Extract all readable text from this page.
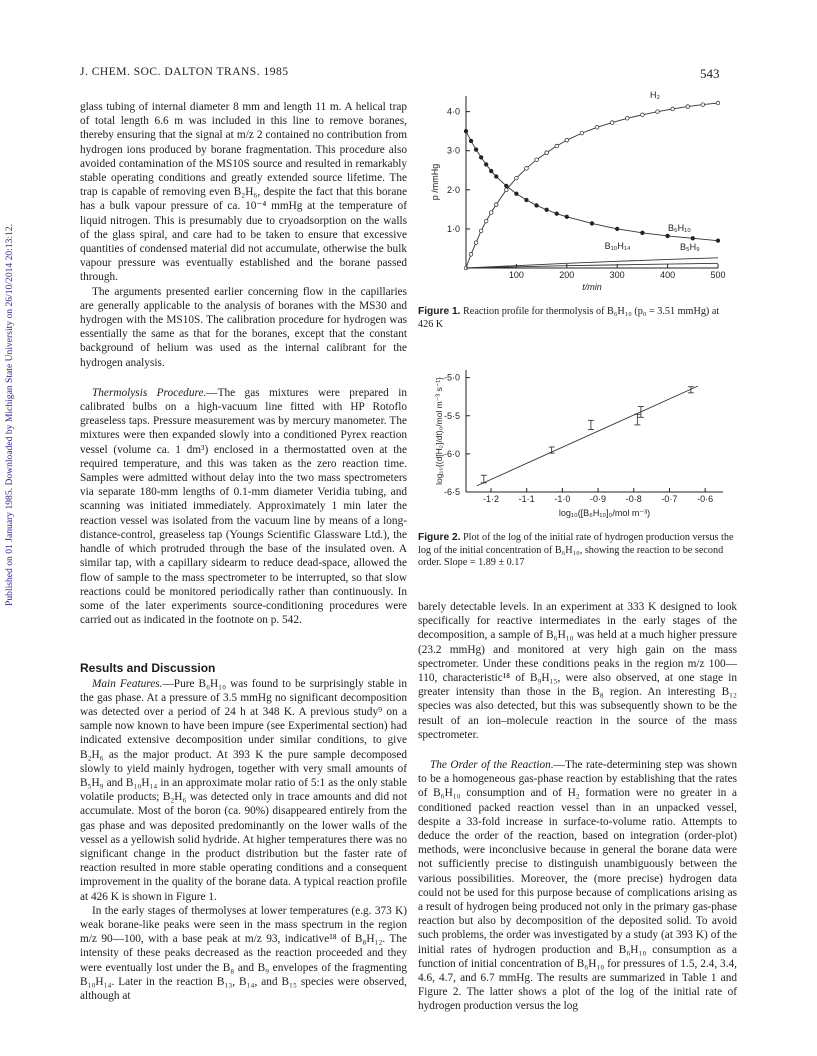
Published on 01 January 1985. Downloaded by Michigan State University on 26/10/2014 20:13:12.
J. CHEM. SOC. DALTON TRANS. 1985	543

glass tubing of internal diameter 8 mm and length 11 m. A helical trap of total length 6.6 m was included in this line to remove boranes, thereby ensuring that the signal at m/z 2 contained no contribution from hydrogen ions produced by borane fragmentation. This procedure also avoided contamination of the MS10S source and resulted in remarkably stable operating conditions and greatly extended source lifetime. The trap is capable of removing even B₂H₆, despite the fact that this borane has a bulk vapour pressure of ca. 10⁻⁴ mmHg at the temperature of liquid nitrogen. This is presumably due to cryoadsorption on the walls of the glass spiral, and care had to be taken to ensure that excessive quantities of condensed material did not accumulate, otherwise the bulk vapour pressure was eventually established and the borane passed through.

The arguments presented earlier concerning flow in the capillaries are generally applicable to the analysis of boranes with the MS30 and hydrogen with the MS10S. The calibration procedure for hydrogen was essentially the same as that for the boranes, except that the constant background of helium was used as the internal calibrant for the hydrogen analysis.

Thermolysis Procedure.—The gas mixtures were prepared in calibrated bulbs on a high-vacuum line fitted with HP Rotoflo greaseless taps. Pressure measurement was by mercury manometer. The mixtures were then expanded slowly into a conditioned Pyrex reaction vessel (volume ca. 1 dm³) enclosed in a thermostatted oven at the required temperature, and this was taken as the zero reaction time. Samples were admitted without delay into the two mass spectrometers via separate 180-mm lengths of 0.1-mm diameter Veridia tubing, and scanning was initiated immediately. Approximately 1 min later the reaction vessel was isolated from the vacuum line by means of a long-distance-control, greaseless tap (Youngs Scientific Glassware Ltd.), the handle of which protruded through the base of the insulated oven. A similar tap, with a capillary sidearm to reduce dead-space, allowed the flow of sample to the mass spectrometer to be interrupted, so that slow reactions could be monitored periodically rather than continuously. In some of the later experiments source-conditioning procedures were carried out as indicated in the footnote on p. 542.

Results and Discussion

Main Features.—Pure B₆H₁₀ was found to be surprisingly stable in the gas phase. At a pressure of 3.5 mmHg no significant decomposition was detected over a period of 24 h at 348 K. A previous study⁹ on a sample now known to have been impure (see Experimental section) had indicated extensive decomposition under similar conditions, to give B₂H₆ as the major product. At 393 K the pure sample decomposed slowly to yield mainly hydrogen, together with very small amounts of B₅H₉ and B₁₀H₁₄ in an approximate molar ratio of 5:1 as the only stable volatile products; B₂H₆ was detected only in trace amounts and did not accumulate. Most of the boron (ca. 90%) disappeared entirely from the gas phase and was deposited predominantly on the lower walls of the vessel as a yellowish solid hydride. At higher temperatures there was no significant change in the product distribution but the faster rate of reaction resulted in more stable operating conditions and a consequent improvement in the quality of the borane data. A typical reaction profile at 426 K is shown in Figure 1.

In the early stages of thermolyses at lower temperatures (e.g. 373 K) weak borane-like peaks were seen in the mass spectrum in the region m/z 90—100, with a base peak at m/z 93, indicative¹⁸ of B₈H₁₂. The intensity of these peaks decreased as the reaction proceeded and they were eventually lost under the B₈ and B₉ envelopes of the fragmenting B₁₀H₁₄. Later in the reaction B₁₃, B₁₄, and B₁₅ species were observed, although at

100	200	300	400	500
1·0
2·0
3·0
4·0
t/min
p /mmHg
H₂
B₆H₁₀
B₁₀H₁₄	B₅H₉
Figure 1. Reaction profile for thermolysis of B₆H₁₀ (p₀ = 3.51 mmHg) at 426 K
-1·2 -1·1 -1·0 -0·9 -0·8 -0·7 -0·6
-5·0
-5·5
-6·0
-6·5
log₁₀([B₆H₁₀]₀/mol m⁻³)
log₁₀{(d[H₂]/dt)₀/mol m⁻³ s⁻¹}
Figure 2. Plot of the log of the initial rate of hydrogen production versus the log of the initial concentration of B₆H₁₀, showing the reaction to be second order. Slope = 1.89 ± 0.17

barely detectable levels. In an experiment at 333 K designed to look specifically for reactive intermediates in the early stages of the decomposition, a sample of B₆H₁₀ was held at a much higher pressure (23.2 mmHg) and monitored at very high gain on the mass spectrometer. Under these conditions peaks in the region m/z 100—110, characteristic¹⁸ of B₉H₁₅, were also observed, at one stage in greater intensity than those in the B₈ region. An interesting B₁₂ species was also detected, but this was subsequently shown to be the result of an ion–molecule reaction in the source of the mass spectrometer.

The Order of the Reaction.—The rate-determining step was shown to be a homogeneous gas-phase reaction by establishing that the rates of B₆H₁₀ consumption and of H₂ formation were no greater in a conditioned packed reaction vessel than in an unpacked vessel, despite a 33-fold increase in surface-to-volume ratio. Attempts to deduce the order of the reaction, based on integration (order-plot) methods, were inconclusive because in general the borane data were not sufficiently precise to distinguish unambiguously between the various possibilities. Moreover, the (more precise) hydrogen data could not be used for this purpose because of complications arising as a result of hydrogen being produced not only in the primary gas-phase reaction but also by decomposition of the deposited solid. To avoid such problems, the order was investigated by a study (at 393 K) of the initial rates of hydrogen production and B₆H₁₀ consumption as a function of initial concentration of B₆H₁₀ for pressures of 1.5, 2.4, 3.4, 4.6, 4.7, and 6.7 mmHg. The results are summarized in Table 1 and Figure 2. The latter shows a plot of the log of the initial rate of hydrogen production versus the log
